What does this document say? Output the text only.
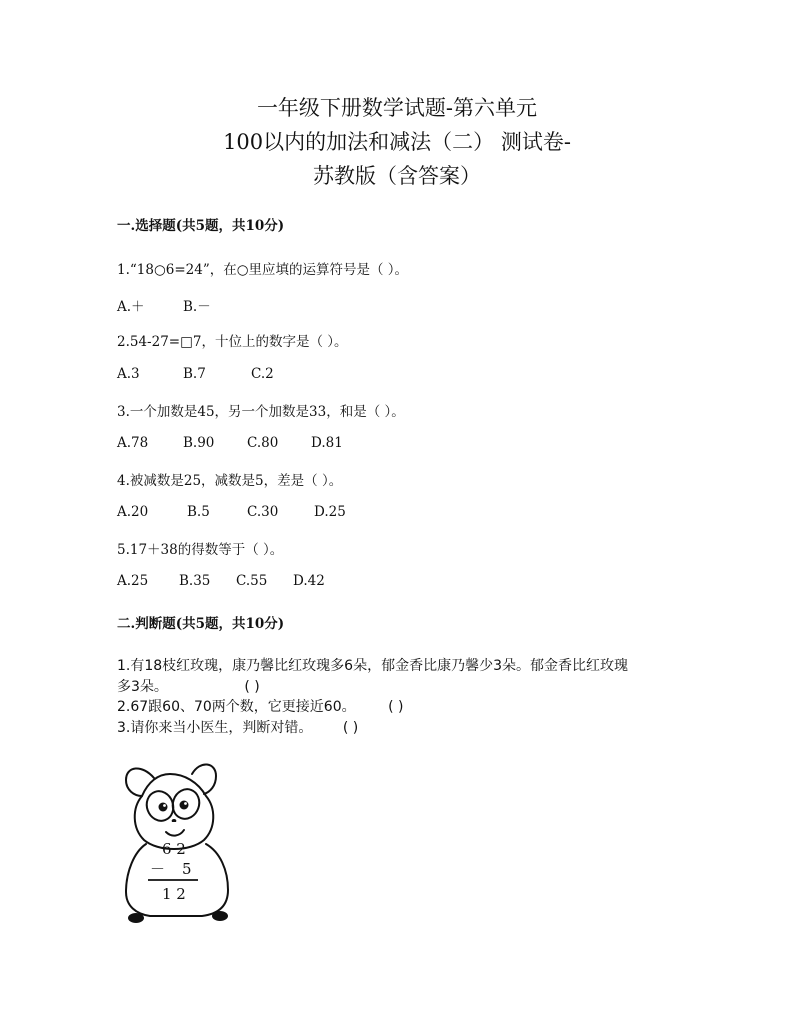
一年级下册数学试题-第六单元
100以内的加法和减法（二） 测试卷-
苏教版（含答案）
一.选择题(共5题，共10分)
1.“18○6=24”，在○里应填的运算符号是（ ）。
A.＋	B.－
2.54-27=□7，十位上的数字是（ ）。
A.3	B.7	C.2
3.一个加数是45，另一个加数是33，和是（ ）。
A.78	B.90 C.80 D.81
4.被减数是25，减数是5，差是（ ）。
A.20	B.5	C.30	D.25
5.17＋38的得数等于（ ）。
A.25 B.35 C.55 D.42
二.判断题(共5题，共10分)
1.有18枝红玫瑰，康乃馨比红玫瑰多6朵，郁金香比康乃馨少3朵。郁金香比红玫瑰
多3朵。	( )
2.67跟60、70两个数，它更接近60。 ( )
3.请你来当小医生，判断对错。 ( )
6 2
－ 5
1 2
